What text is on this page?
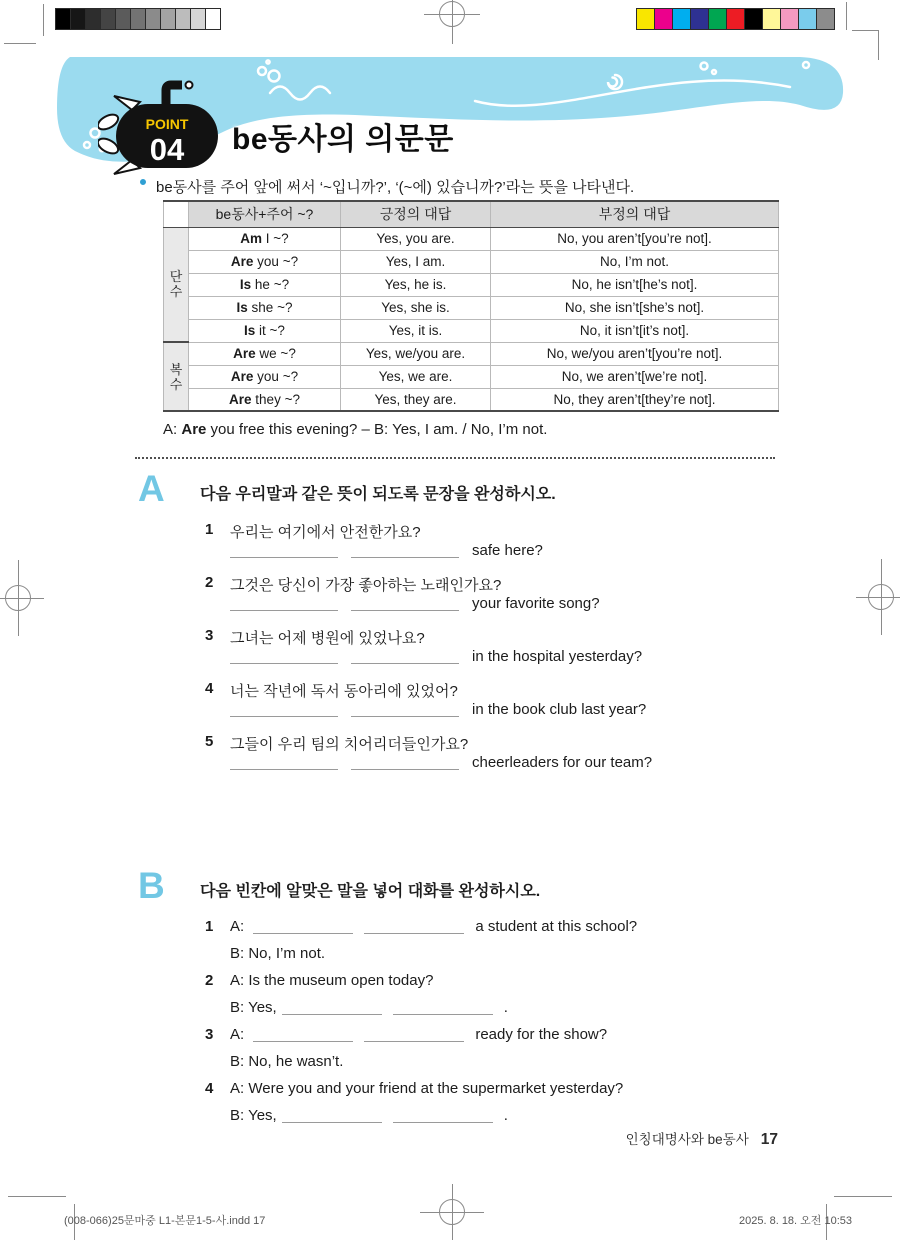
POINT
04 be동사의 의문문
be동사를 주어 앞에 써서 ‘~입니까?’, ‘(~에) 있습니까?’라는 뜻을 나타낸다.
	be동사+주어 ~?	긍정의 대답	부정의 대답
단
수	Am I ~?	Yes, you are.	No, you aren’t[you’re not].
	Are you ~?	Yes, I am.	No, I’m not.
	Is he ~?	Yes, he is.	No, he isn’t[he’s not].
	Is she ~?	Yes, she is.	No, she isn’t[she’s not].
	Is it ~?	Yes, it is.	No, it isn’t[it’s not].
복
수	Are we ~?	Yes, we/you are.	No, we/you aren’t[you’re not].
	Are you ~?	Yes, we are.	No, we aren’t[we’re not].
	Are they ~?	Yes, they are.	No, they aren’t[they’re not].
A: Are you free this evening? – B: Yes, I am. / No, I’m not.
A	다음 우리말과 같은 뜻이 되도록 문장을 완성하시오.
1 우리는 여기에서 안전한가요?
safe here?
2 그것은 당신이 가장 좋아하는 노래인가요?
your favorite song?
3 그녀는 어제 병원에 있었나요?
in the hospital yesterday?
4 너는 작년에 독서 동아리에 있었어?
in the book club last year?
5 그들이 우리 팀의 치어리더들인가요?
cheerleaders for our team?
B	다음 빈칸에 알맞은 말을 넣어 대화를 완성하시오.
1 A:	a student at this school?
B: No, I’m not.
2 A: Is the museum open today?
B: Yes,	.
3 A:	ready for the show?
B: No, he wasn’t.
4 A: Were you and your friend at the supermarket yesterday?
B: Yes,	.
인칭대명사와 be동사 17
(008-066)25문마중 L1-본문1-5-사.indd 17	2025. 8. 18. 오전 10:53
